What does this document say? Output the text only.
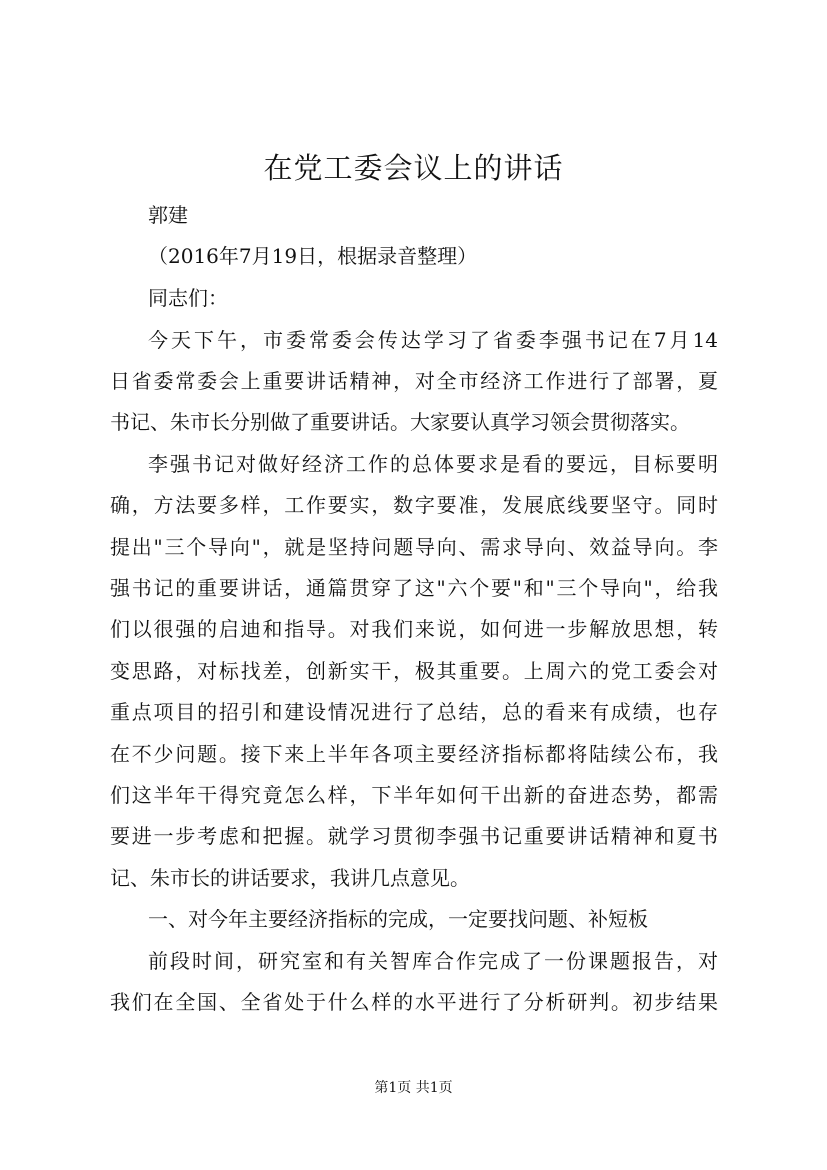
在党工委会议上的讲话
郭建
（2016年7月19日，根据录音整理）
同志们：
今天下午，市委常委会传达学习了省委李强书记在7月14
日省委常委会上重要讲话精神，对全市经济工作进行了部署，夏
书记、朱市长分别做了重要讲话。大家要认真学习领会贯彻落实。
李强书记对做好经济工作的总体要求是看的要远，目标要明
确，方法要多样，工作要实，数字要准，发展底线要坚守。同时
提出"三个导向"，就是坚持问题导向、需求导向、效益导向。李
强书记的重要讲话，通篇贯穿了这"六个要"和"三个导向"，给我
们以很强的启迪和指导。对我们来说，如何进一步解放思想，转
变思路，对标找差，创新实干，极其重要。上周六的党工委会对
重点项目的招引和建设情况进行了总结，总的看来有成绩，也存
在不少问题。接下来上半年各项主要经济指标都将陆续公布，我
们这半年干得究竟怎么样，下半年如何干出新的奋进态势，都需
要进一步考虑和把握。就学习贯彻李强书记重要讲话精神和夏书
记、朱市长的讲话要求，我讲几点意见。
一、对今年主要经济指标的完成，一定要找问题、补短板
前段时间，研究室和有关智库合作完成了一份课题报告，对
我们在全国、全省处于什么样的水平进行了分析研判。初步结果
第1页 共1页
